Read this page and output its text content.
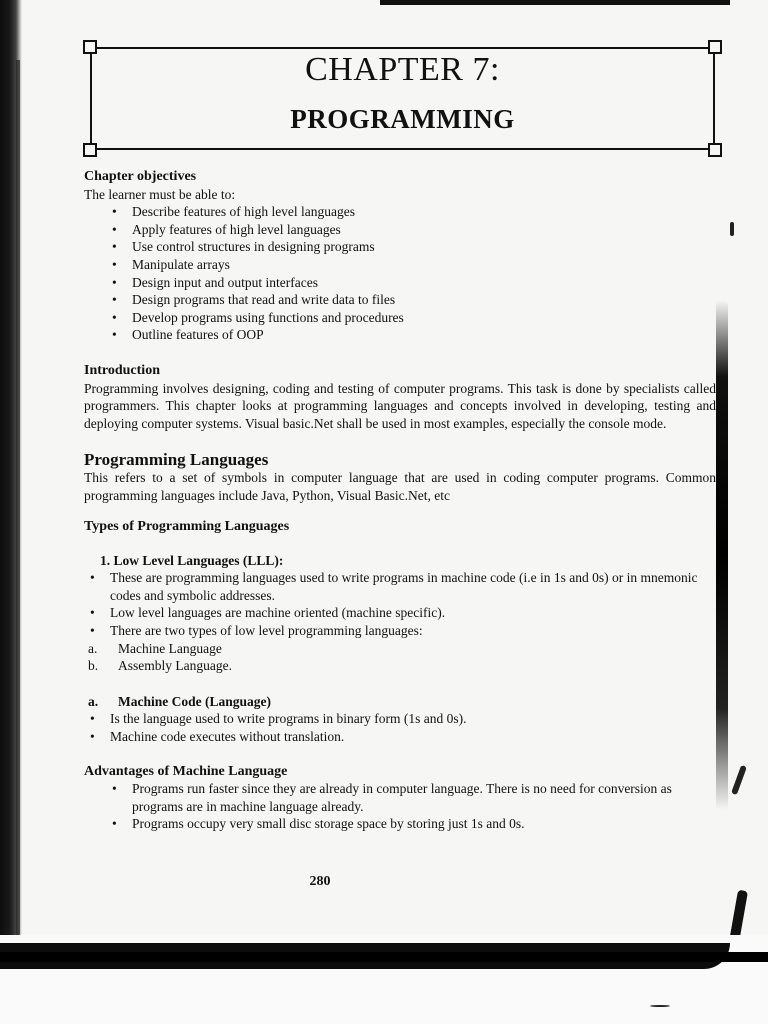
CHAPTER 7:
PROGRAMMING
Chapter objectives
The learner must be able to:
• Describe features of high level languages
• Apply features of high level languages
• Use control structures in designing programs
• Manipulate arrays
• Design input and output interfaces
• Design programs that read and write data to files
• Develop programs using functions and procedures
• Outline features of OOP
Introduction

Programming involves designing, coding and testing of computer programs. This task is done by specialists called programmers. This chapter looks at programming languages and concepts involved in developing, testing and deploying computer systems. Visual basic.Net shall be used in most examples, especially the console mode.

Programming Languages

This refers to a set of symbols in computer language that are used in coding computer programs. Common programming languages include Java, Python, Visual Basic.Net, etc

Types of Programming Languages
1. Low Level Languages (LLL):
• These are programming languages used to write programs in machine code (i.e in 1s and 0s) or in mnemonic codes and symbolic addresses.
• Low level languages are machine oriented (machine specific).
• There are two types of low level programming languages:
a.	Machine Language
b.	Assembly Language.
a.	Machine Code (Language)
• Is the language used to write programs in binary form (1s and 0s).
• Machine code executes without translation.
Advantages of Machine Language
• Programs run faster since they are already in computer language. There is no need for conversion as programs are in machine language already.
• Programs occupy very small disc storage space by storing just 1s and 0s.
280
